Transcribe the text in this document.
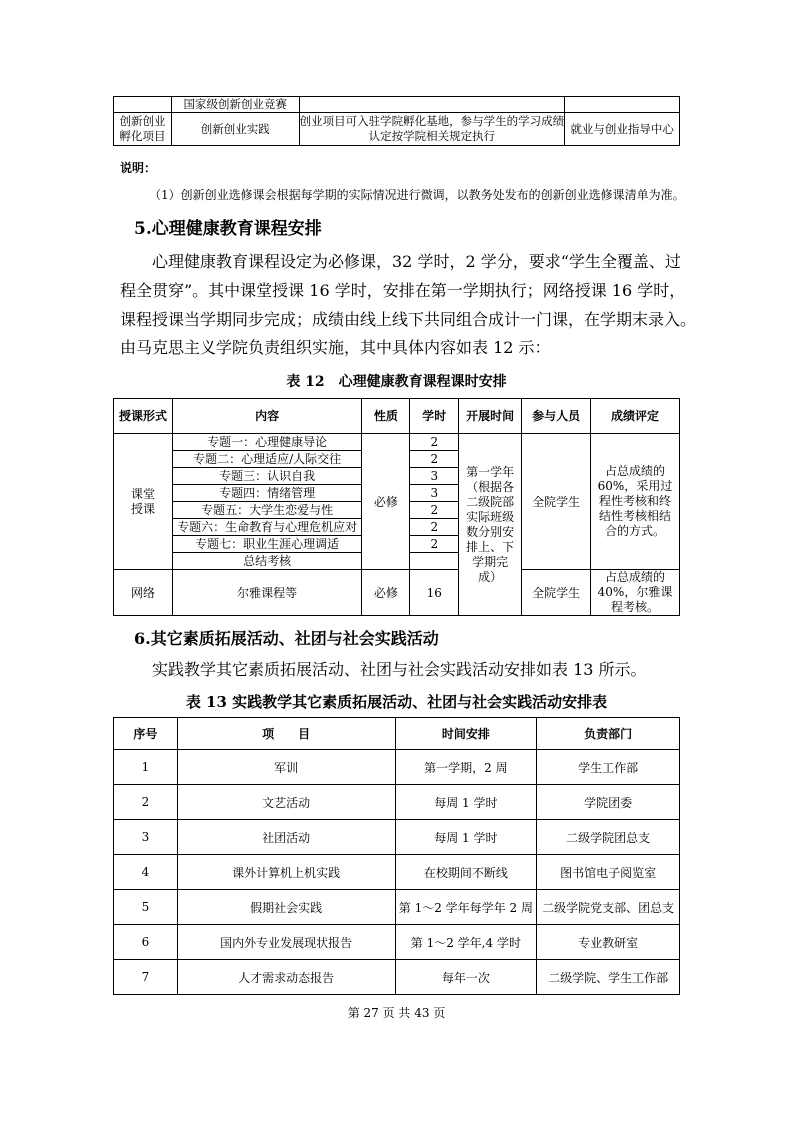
	国家级创新创业竞赛		
创新创业孵化项目	创新创业实践	创业项目可入驻学院孵化基地，参与学生的学习成绩认定按学院相关规定执行	就业与创业指导中心
说明：
（1）创新创业选修课会根据每学期的实际情况进行微调，以教务处发布的创新创业选修课清单为准。
5.心理健康教育课程安排

心理健康教育课程设定为必修课，32 学时，2 学分，要求“学生全覆盖、过

程全贯穿”。其中课堂授课 16 学时，安排在第一学期执行；网络授课 16 学时，

课程授课当学期同步完成；成绩由线上线下共同组合成计一门课，在学期末录入。

由马克思主义学院负责组织实施，其中具体内容如表 12 示：

表 12　心理健康教育课程课时安排
授课形式	内容	性质	学时	开展时间	参与人员	成绩评定

课堂授课	专题一：心理健康导论	必修	2	第一学年（根据各二级院部实际班级数分别安排上、下学期完成）	全院学生	占总成绩的60%，采用过程性考核和终结性考核相结合的方式。

	专题二：心理适应/人际交往		2			
	专题三：认识自我		3			
	专题四：情绪管理		3			
	专题五：大学生恋爱与性		2			
	专题六：生命教育与心理危机应对		2			
	专题七：职业生涯心理调适		2			
	总结考核					
网络	尔雅课程等	必修	16		全院学生	占总成绩的40%，尔雅课程考核。
6.其它素质拓展活动、社团与社会实践活动
实践教学其它素质拓展活动、社团与社会实践活动安排如表 13 所示。
表 13 实践教学其它素质拓展活动、社团与社会实践活动安排表
序号	项　　目	时间安排	负责部门
1	军训	第一学期，2 周	学生工作部
2	文艺活动	每周 1 学时	学院团委
3	社团活动	每周 1 学时	二级学院团总支
4	课外计算机上机实践	在校期间不断线	图书馆电子阅览室
5	假期社会实践	第 1～2 学年每学年 2 周	二级学院党支部、团总支
6	国内外专业发展现状报告	第 1～2 学年,4 学时	专业教研室
7	人才需求动态报告	每年一次	二级学院、学生工作部
第 27 页 共 43 页
